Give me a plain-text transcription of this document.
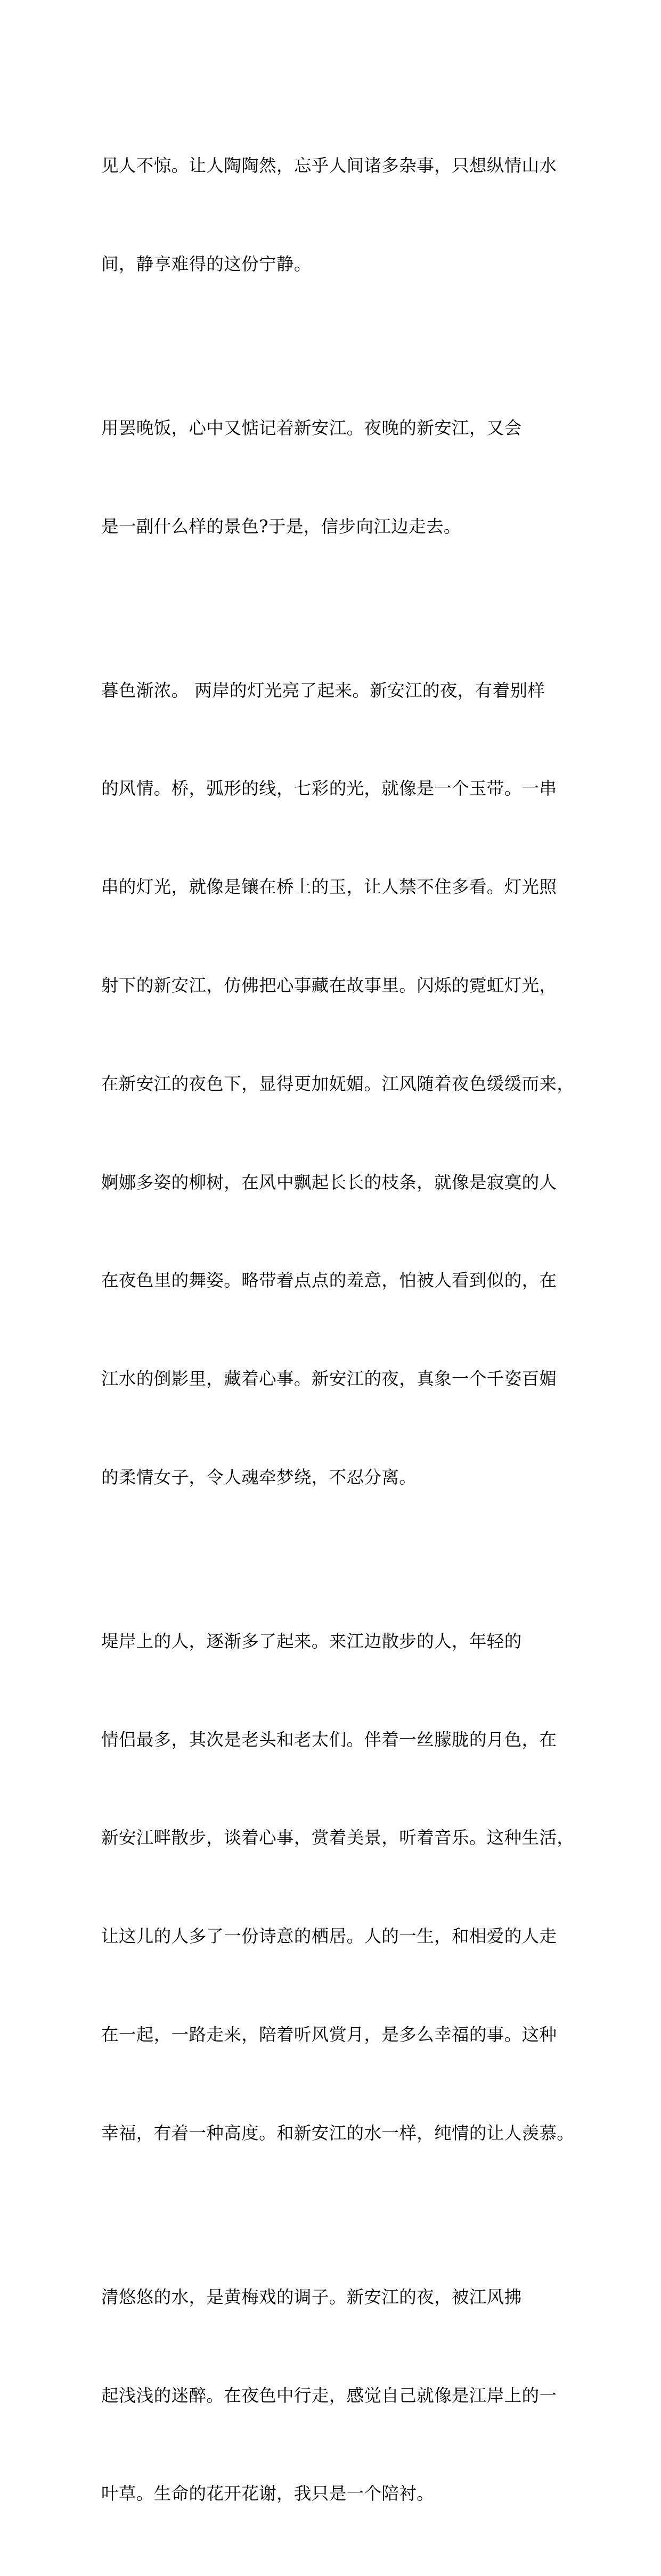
见人不惊。让人陶陶然，忘乎人间诸多杂事，只想纵情山水

间，静享难得的这份宁静。

用罢晚饭，心中又惦记着新安江。夜晚的新安江，又会

是一副什么样的景色?于是，信步向江边走去。

暮色渐浓。 两岸的灯光亮了起来。新安江的夜，有着别样

的风情。桥，弧形的线，七彩的光，就像是一个玉带。一串

串的灯光，就像是镶在桥上的玉，让人禁不住多看。灯光照

射下的新安江，仿佛把心事藏在故事里。闪烁的霓虹灯光，

在新安江的夜色下，显得更加妩媚。江风随着夜色缓缓而来，

婀娜多姿的柳树，在风中飘起长长的枝条，就像是寂寞的人

在夜色里的舞姿。略带着点点的羞意，怕被人看到似的，在

江水的倒影里，藏着心事。新安江的夜，真象一个千姿百媚

的柔情女子，令人魂牵梦绕，不忍分离。

堤岸上的人，逐渐多了起来。来江边散步的人，年轻的

情侣最多，其次是老头和老太们。伴着一丝朦胧的月色，在

新安江畔散步，谈着心事，赏着美景，听着音乐。这种生活，

让这儿的人多了一份诗意的栖居。人的一生，和相爱的人走

在一起，一路走来，陪着听风赏月，是多么幸福的事。这种

幸福，有着一种高度。和新安江的水一样，纯情的让人羡慕。

清悠悠的水，是黄梅戏的调子。新安江的夜，被江风拂

起浅浅的迷醉。在夜色中行走，感觉自己就像是江岸上的一

叶草。生命的花开花谢，我只是一个陪衬。
